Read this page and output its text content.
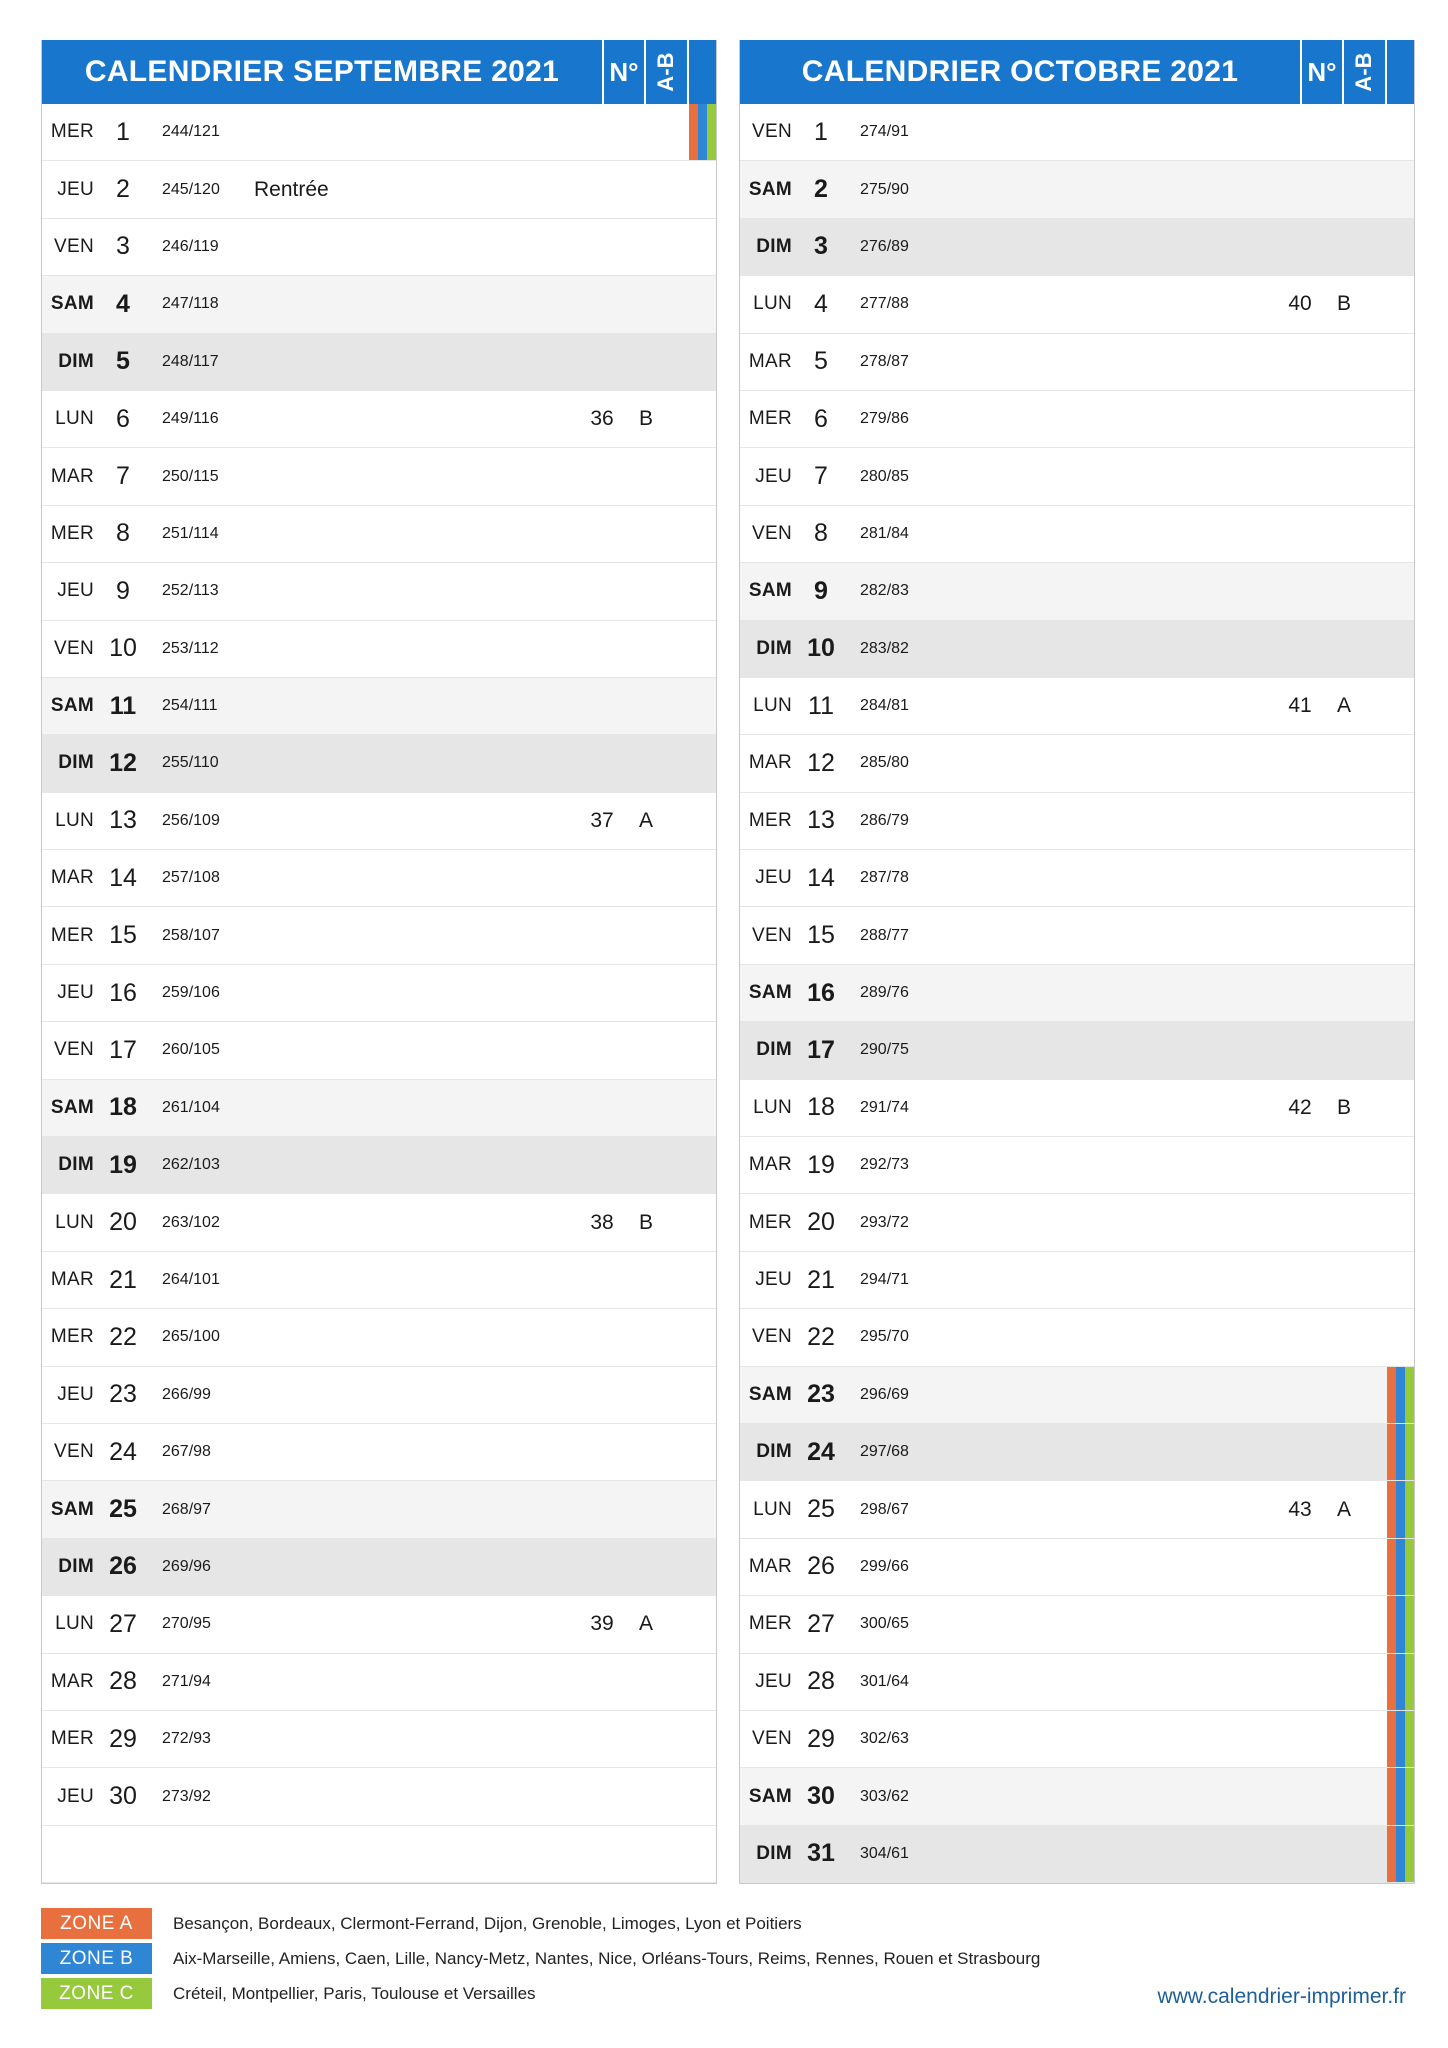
CALENDRIER SEPTEMBRE 2021	N° A-B
MER 1	244/121
JEU 2	245/120 Rentrée
VEN 3	246/119
SAM 4	247/118
DIM 5	248/117
LUN 6	249/116	36	B
MAR 7	250/115
MER 8	251/114
JEU 9	252/113
VEN 10	253/112
SAM 11	254/111
DIM 12	255/110
LUN 13	256/109	37	A
MAR 14	257/108
MER 15	258/107
JEU 16	259/106
VEN 17	260/105
SAM 18	261/104
DIM 19	262/103
LUN 20	263/102	38	B
MAR 21	264/101
MER 22	265/100
JEU 23	266/99
VEN 24	267/98
SAM 25	268/97
DIM 26	269/96
LUN 27	270/95	39	A
MAR 28	271/94
MER 29	272/93
JEU 30	273/92
CALENDRIER OCTOBRE 2021	N° A-B
VEN 1	274/91
SAM 2	275/90
DIM 3	276/89
LUN 4	277/88	40	B
MAR 5	278/87
MER 6	279/86
JEU 7	280/85
VEN 8	281/84
SAM 9	282/83
DIM 10	283/82
LUN 11	284/81	41	A
MAR 12	285/80
MER 13	286/79
JEU 14	287/78
VEN 15	288/77
SAM 16	289/76
DIM 17	290/75
LUN 18	291/74	42	B
MAR 19	292/73
MER 20	293/72
JEU 21	294/71
VEN 22	295/70
SAM 23	296/69
DIM 24	297/68
LUN 25	298/67	43	A
MAR 26	299/66
MER 27	300/65
JEU 28	301/64
VEN 29	302/63
SAM 30	303/62
DIM 31	304/61
ZONE A	Besançon, Bordeaux, Clermont-Ferrand, Dijon, Grenoble, Limoges, Lyon et Poitiers
ZONE B	Aix-Marseille, Amiens, Caen, Lille, Nancy-Metz, Nantes, Nice, Orléans-Tours, Reims, Rennes, Rouen et Strasbourg
ZONE C	Créteil, Montpellier, Paris, Toulouse et Versailles	www.calendrier-imprimer.fr
